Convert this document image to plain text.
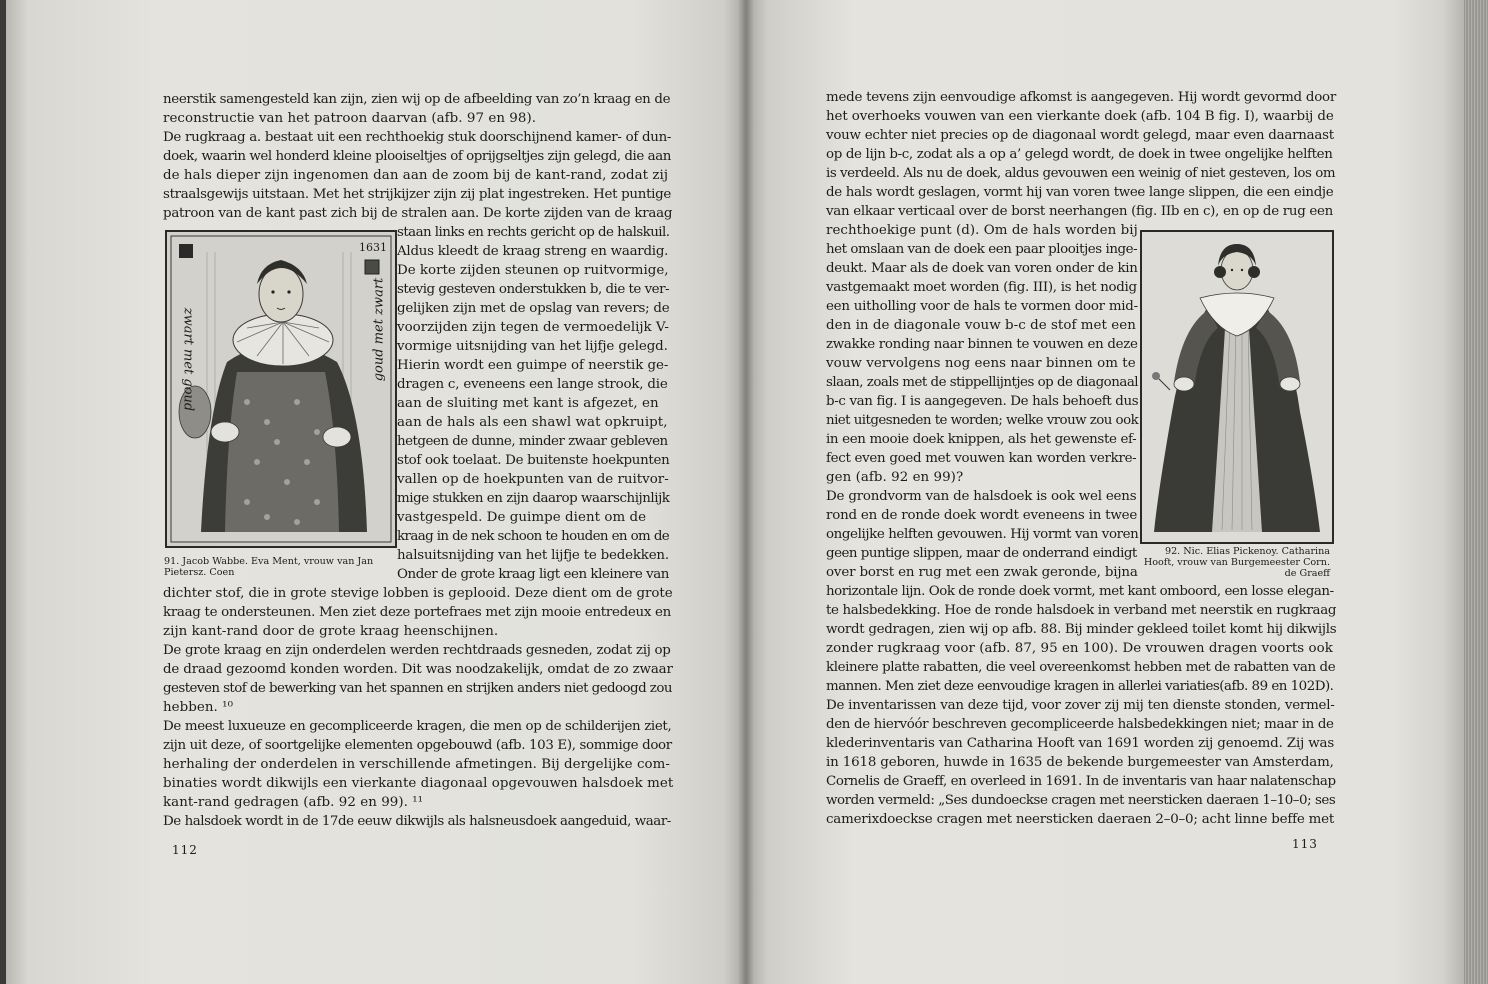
neerstik samengesteld kan zijn, zien wij op de afbeelding van zo’n kraag en de
reconstructie van het patroon daarvan (afb. 97 en 98).
De rugkraag a. bestaat uit een rechthoekig stuk doorschijnend kamer- of dun-
doek, waarin wel honderd kleine plooiseltjes of oprijgseltjes zijn gelegd, die aan
de hals dieper zijn ingenomen dan aan de zoom bij de kant-rand, zodat zij
straalsgewijs uitstaan. Met het strijkijzer zijn zij plat ingestreken. Het puntige
patroon van de kant past zich bij de stralen aan. De korte zijden van de kraag
staan links en rechts gericht op de halskuil.
Aldus kleedt de kraag streng en waardig.
De korte zijden steunen op ruitvormige,
stevig gesteven onderstukken b, die te ver-
gelijken zijn met de opslag van revers; de
voorzijden zijn tegen de vermoedelijk V-
vormige uitsnijding van het lijfje gelegd.
Hierin wordt een guimpe of neerstik ge-
dragen c, eveneens een lange strook, die
aan de sluiting met kant is afgezet, en
aan de hals als een shawl wat opkruipt,
hetgeen de dunne, minder zwaar gebleven
stof ook toelaat. De buitenste hoekpunten
vallen op de hoekpunten van de ruitvor-
mige stukken en zijn daarop waarschijnlijk
vastgespeld. De guimpe dient om de
kraag in de nek schoon te houden en om de
halsuitsnijding van het lijfje te bedekken.
Onder de grote kraag ligt een kleinere van
dichter stof, die in grote stevige lobben is geplooid. Deze dient om de grote
kraag te ondersteunen. Men ziet deze portefraes met zijn mooie entredeux en
zijn kant-rand door de grote kraag heenschijnen.
De grote kraag en zijn onderdelen werden rechtdraads gesneden, zodat zij op
de draad gezoomd konden worden. Dit was noodzakelijk, omdat de zo zwaar
gesteven stof de bewerking van het spannen en strijken anders niet gedoogd zou
hebben. ¹⁰
De meest luxueuze en gecompliceerde kragen, die men op de schilderijen ziet,
zijn uit deze, of soortgelijke elementen opgebouwd (afb. 103 E), sommige door
herhaling der onderdelen in verschillende afmetingen. Bij dergelijke com-
binaties wordt dikwijls een vierkante diagonaal opgevouwen halsdoek met
kant-rand gedragen (afb. 92 en 99). ¹¹
De halsdoek wordt in de 17de eeuw dikwijls als halsneusdoek aangeduid, waar-
1631
zwart met goud	goud met zwart
91. Jacob Wabbe. Eva Ment, vrouw van Jan
Pietersz. Coen
112
mede tevens zijn eenvoudige afkomst is aangegeven. Hij wordt gevormd door
het overhoeks vouwen van een vierkante doek (afb. 104 B fig. I), waarbij de
vouw echter niet precies op de diagonaal wordt gelegd, maar even daarnaast
op de lijn b-c, zodat als a op a’ gelegd wordt, de doek in twee ongelijke helften
is verdeeld. Als nu de doek, aldus gevouwen een weinig of niet gesteven, los om
de hals wordt geslagen, vormt hij van voren twee lange slippen, die een eindje
van elkaar verticaal over de borst neerhangen (fig. IIb en c), en op de rug een
rechthoekige punt (d). Om de hals worden bij
het omslaan van de doek een paar plooitjes inge-
deukt. Maar als de doek van voren onder de kin
vastgemaakt moet worden (fig. III), is het nodig
een uitholling voor de hals te vormen door mid-
den in de diagonale vouw b-c de stof met een
zwakke ronding naar binnen te vouwen en deze
vouw vervolgens nog eens naar binnen om te
slaan, zoals met de stippellijntjes op de diagonaal
b-c van fig. I is aangegeven. De hals behoeft dus
niet uitgesneden te worden; welke vrouw zou ook
in een mooie doek knippen, als het gewenste ef-
fect even goed met vouwen kan worden verkre-
gen (afb. 92 en 99)?
De grondvorm van de halsdoek is ook wel eens
rond en de ronde doek wordt eveneens in twee
ongelijke helften gevouwen. Hij vormt van voren
geen puntige slippen, maar de onderrand eindigt
over borst en rug met een zwak geronde, bijna
horizontale lijn. Ook de ronde doek vormt, met kant omboord, een losse elegan-
te halsbedekking. Hoe de ronde halsdoek in verband met neerstik en rugkraag
wordt gedragen, zien wij op afb. 88. Bij minder gekleed toilet komt hij dikwijls
zonder rugkraag voor (afb. 87, 95 en 100). De vrouwen dragen voorts ook
kleinere platte rabatten, die veel overeenkomst hebben met de rabatten van de
mannen. Men ziet deze eenvoudige kragen in allerlei variaties(afb. 89 en 102D).
De inventarissen van deze tijd, voor zover zij mij ten dienste stonden, vermel-
den de hiervóór beschreven gecompliceerde halsbedekkingen niet; maar in de
klederinventaris van Catharina Hooft van 1691 worden zij genoemd. Zij was
in 1618 geboren, huwde in 1635 de bekende burgemeester van Amsterdam,
Cornelis de Graeff, en overleed in 1691. In de inventaris van haar nalatenschap
worden vermeld: „Ses dundoeckse cragen met neersticken daeraen 1–10–0; ses
camerixdoeckse cragen met neersticken daeraen 2–0–0; acht linne beffe met
92. Nic. Elias Pickenoy. Catharina
Hooft, vrouw van Burgemeester Corn.
de Graeff
113
